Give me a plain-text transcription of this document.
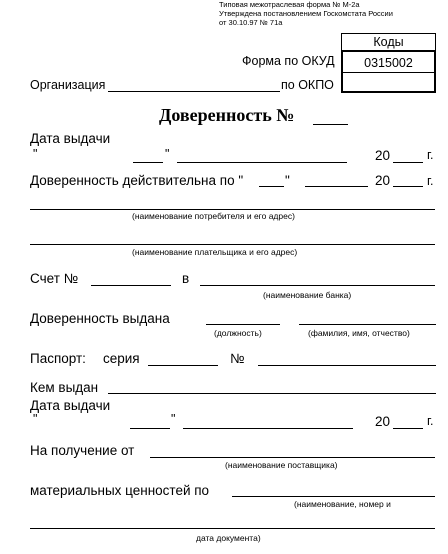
Типовая межотраслевая форма № М-2а
Утверждена постановлением Госкомстата России
от 30.10.97 № 71а
Коды
0315002
Форма по ОКУД
Организация	по ОКПО
Доверенность №
Дата выдачи
"	"	20	г.
Доверенность действительна по "	"	20	г.
(наименование потребителя и его адрес)
(наименование плательщика и его адрес)
Счет №	в
(наименование банка)
Доверенность выдана
(должность)	(фамилия, имя, отчество)
Паспорт: серия	№
Кем выдан
Дата выдачи
"	"	20	г.
На получение от
(наименование поставщика)
материальных ценностей по
(наименование, номер и
дата документа)
